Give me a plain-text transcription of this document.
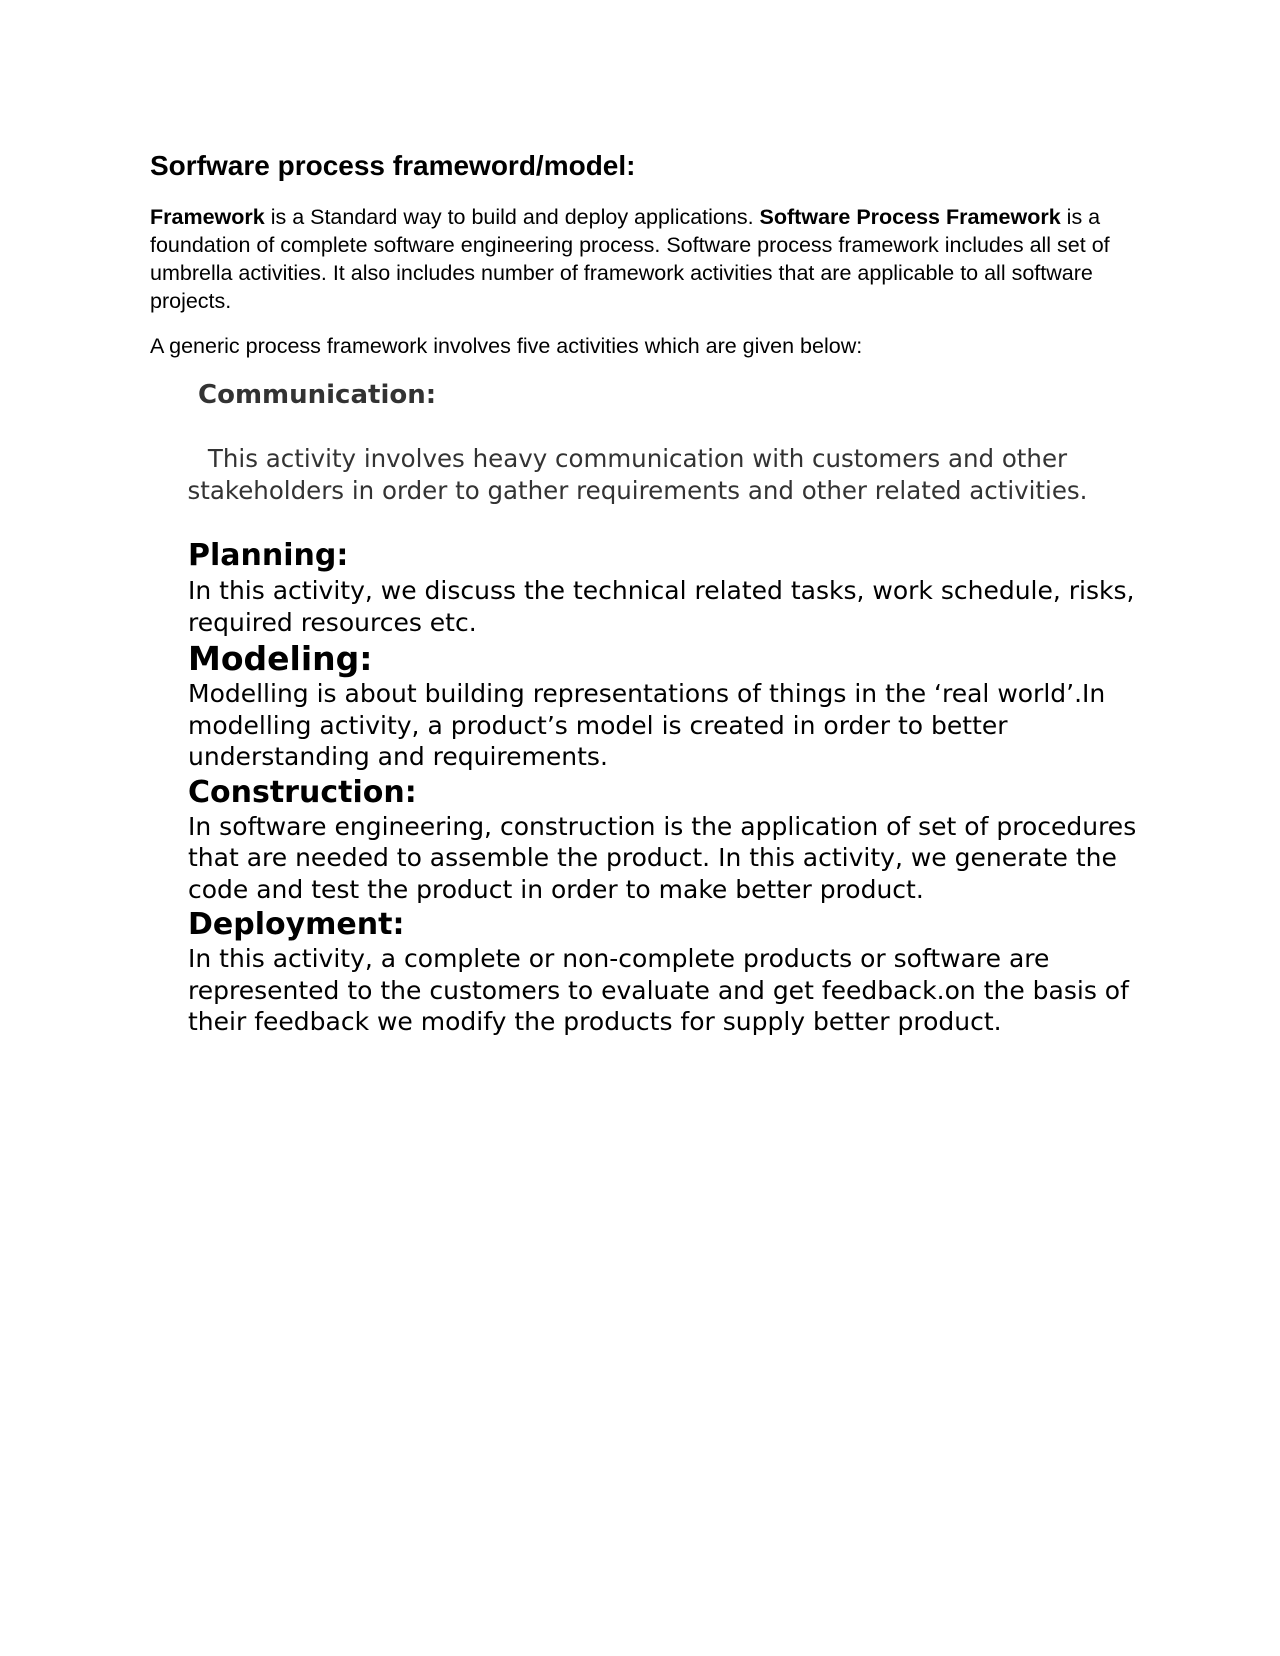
Sorfware process frameword/model:

Framework is a Standard way to build and deploy applications. Software Process Framework is a foundation of complete software engineering process. Software process framework includes all set of umbrella activities. It also includes number of framework activities that are applicable to all software projects.

A generic process framework involves five activities which are given below:

Communication:

This activity involves heavy communication with customers and other stakeholders in order to gather requirements and other related activities.

Planning:

In this activity, we discuss the technical related tasks, work schedule, risks, required resources etc.

Modeling:

Modelling is about building representations of things in the ‘real world’.In modelling activity, a product’s model is created in order to better understanding and requirements.

Construction:

In software engineering, construction is the application of set of procedures that are needed to assemble the product. In this activity, we generate the code and test the product in order to make better product.

Deployment:

In this activity, a complete or non-complete products or software are represented to the customers to evaluate and get feedback.on the basis of their feedback we modify the products for supply better product.
